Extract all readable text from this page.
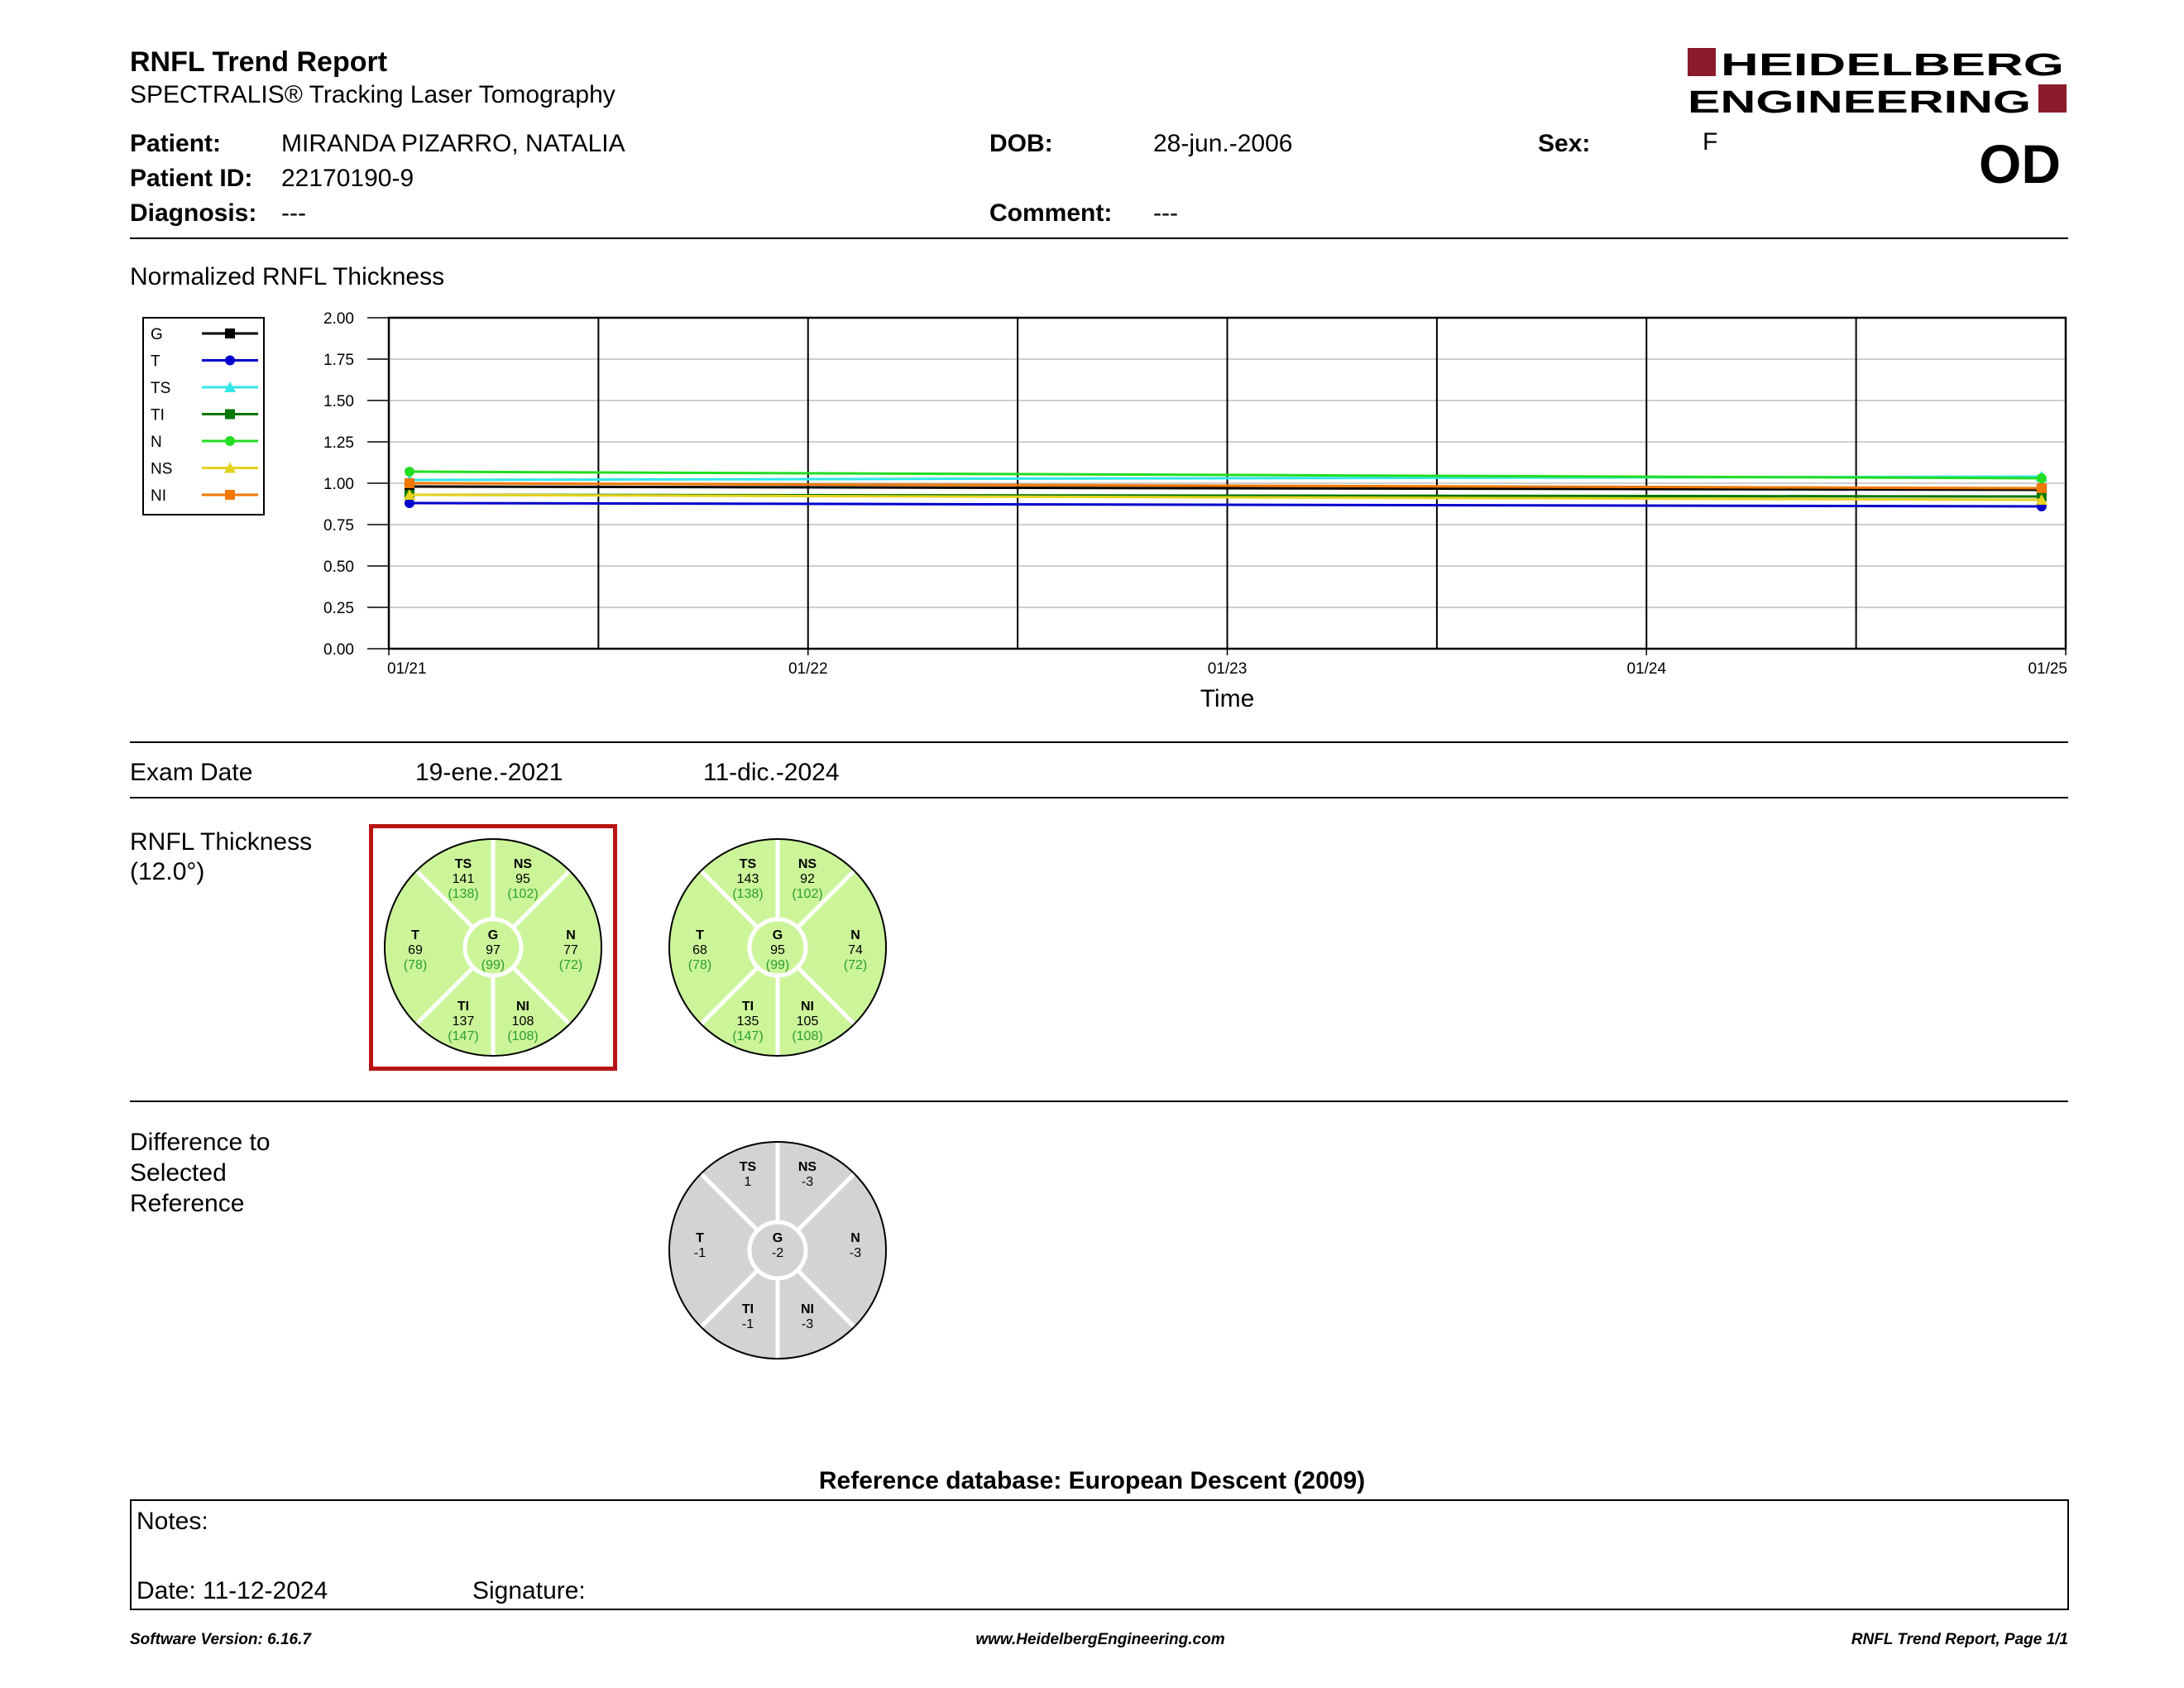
RNFL Trend Report
SPECTRALIS® Tracking Laser Tomography
HEIDELBERG
ENGINEERING
OD
Patient: MIRANDA PIZARRO, NATALIA
Patient ID: 22170190-9
Diagnosis: ---
DOB:	28-jun.-2006
Comment: ---
Sex:	F
Normalized RNFL Thickness
G
T
TS
TI
N
NS
NI
0.00
0.25
0.50
0.75
1.00
1.25
1.50
1.75
2.00
01/21	01/22	01/23	01/24	01/25
Time
Exam Date	19-ene.-2021	11-dic.-2024
RNFL Thickness
(12.0°)	TS
141
(138)
NS
95
(102)
T
69
(78)
G
97
(99)
N
77
(72)
TI
137
(147)
NI
108
(108)
TS
143
(138)
NS
92
(102)
T
68
(78)
G
95
(99)
N
74
(72)
TI
135
(147)
NI
105
(108)
Difference to
Selected
Reference
TS
1
NS
-3
T
-1
G
-2
N
-3
TI
-1
NI
-3
Reference database: European Descent (2009)
Notes:
Date: 11-12-2024	Signature:
Software Version: 6.16.7	www.HeidelbergEngineering.com	RNFL Trend Report, Page 1/1
